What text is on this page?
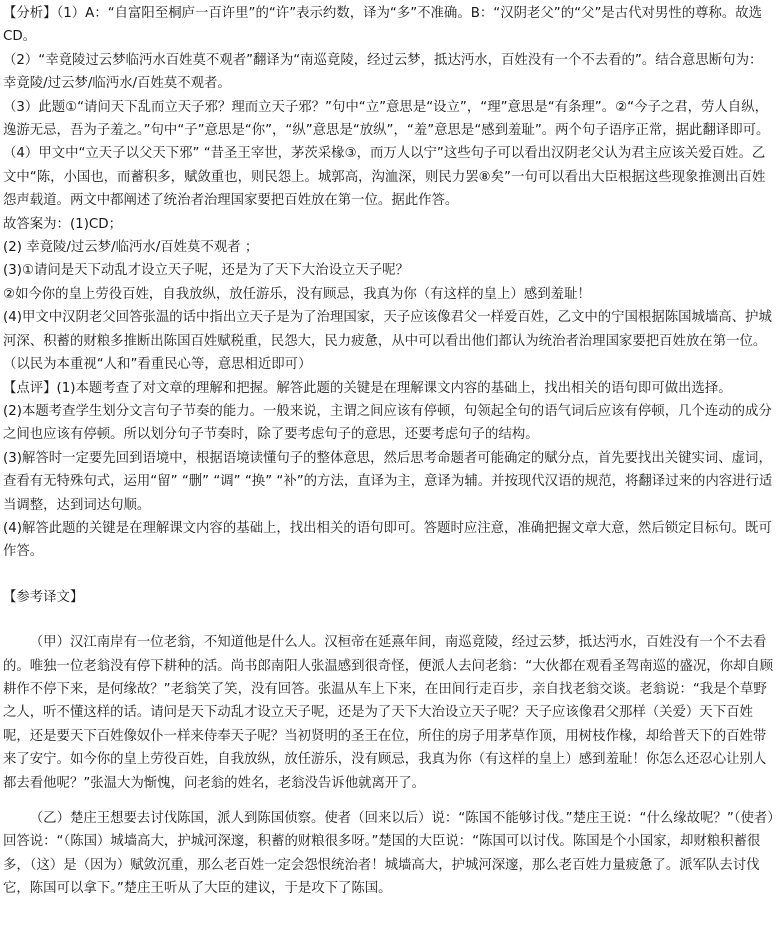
【分析】（1）A：“自富阳至桐庐一百许里”的“许”表示约数，译为“多”不准确。B：“汉阴老父”的“父”是古代对男性的尊称。故选CD。

（2）“幸竟陵过云梦临沔水百姓莫不观者”翻译为“南巡竟陵，经过云梦，抵达沔水，百姓没有一个不去看的”。结合意思断句为：幸竟陵/过云梦/临沔水/百姓莫不观者。

（3）此题①“请问天下乱而立天子邪？理而立天子邪？”句中“立”意思是“设立”，“理”意思是“有条理”。②“今子之君，劳人自纵，逸游无忌，吾为子羞之。”句中“子”意思是“你”，“纵”意思是“放纵”，“羞”意思是“感到羞耻”。两个句子语序正常，据此翻译即可。

（4）甲文中“立天子以父天下邪” “昔圣王宰世，茅茨采椽③，而万人以宁”这些句子可以看出汉阴老父认为君主应该关爱百姓。乙文中“陈，小国也，而蓄积多，赋敛重也，则民怨上。城郭高，沟洫深，则民力罢⑧矣”一句可以看出大臣根据这些现象推测出百姓怨声载道。两文中都阐述了统治者治理国家要把百姓放在第一位。据此作答。

故答案为：(1)CD；

(2) 幸竟陵/过云梦/临沔水/百姓莫不观者 ；

(3)①请问是天下动乱才设立天子呢，还是为了天下大治设立天子呢？

②如今你的皇上劳役百姓，自我放纵，放任游乐，没有顾忌，我真为你（有这样的皇上）感到羞耻！

(4)甲文中汉阴老父回答张温的话中指出立天子是为了治理国家，天子应该像君父一样爱百姓，乙文中的宁国根据陈国城墙高、护城河深、积蓄的财粮多推断出陈国百姓赋税重，民怨大，民力疲惫，从中可以看出他们都认为统治者治理国家要把百姓放在第一位。（以民为本重视“人和”看重民心等，意思相近即可）

【点评】(1)本题考查了对文章的理解和把握。解答此题的关键是在理解课文内容的基础上，找出相关的语句即可做出选择。

(2)本题考查学生划分文言句子节奏的能力。一般来说，主谓之间应该有停顿，句领起全句的语气词后应该有停顿，几个连动的成分之间也应该有停顿。所以划分句子节奏时，除了要考虑句子的意思，还要考虑句子的结构。

(3)解答时一定要先回到语境中，根据语境读懂句子的整体意思，然后思考命题者可能确定的赋分点，首先要找出关键实词、虚词，查看有无特殊句式，运用“留” “删” “调” “换” “补”的方法，直译为主，意译为辅。并按现代汉语的规范，将翻译过来的内容进行适当调整，达到词达句顺。

(4)解答此题的关键是在理解课文内容的基础上，找出相关的语句即可。答题时应注意，准确把握文章大意，然后锁定目标句。既可作答。

【参考译文】

（甲）汉江南岸有一位老翁，不知道他是什么人。汉桓帝在延熹年间，南巡竟陵，经过云梦，抵达沔水，百姓没有一个不去看的。唯独一位老翁没有停下耕种的活。尚书郎南阳人张温感到很奇怪，便派人去问老翁：“大伙都在观看圣驾南巡的盛况，你却自顾耕作不停下来，是何缘故？”老翁笑了笑，没有回答。张温从车上下来，在田间行走百步，亲自找老翁交谈。老翁说：“我是个草野之人，听不懂这样的话。请问是天下动乱才设立天子呢，还是为了天下大治设立天子呢？天子应该像君父那样（关爱）天下百姓呢，还是要天下百姓像奴仆一样来侍奉天子呢？当初贤明的圣王在位，所住的房子用茅草作顶，用树枝作椽，却给普天下的百姓带来了安宁。如今你的皇上劳役百姓，自我放纵，放任游乐，没有顾忌，我真为你（有这样的皇上）感到羞耻！你怎么还忍心让别人都去看他呢？”张温大为惭愧，问老翁的姓名，老翁没告诉他就离开了。

（乙）楚庄王想要去讨伐陈国，派人到陈国侦察。使者（回来以后）说：“陈国不能够讨伐。”楚庄王说：“什么缘故呢？”（使者）回答说：“（陈国）城墙高大，护城河深邃，积蓄的财粮很多呀。”楚国的大臣说：“陈国可以讨伐。陈国是个小国家，却财粮积蓄很多，（这）是（因为）赋敛沉重，那么老百姓一定会怨恨统治者！城墙高大，护城河深邃，那么老百姓力量疲惫了。派军队去讨伐它，陈国可以拿下。”楚庄王听从了大臣的建议，于是攻下了陈国。
